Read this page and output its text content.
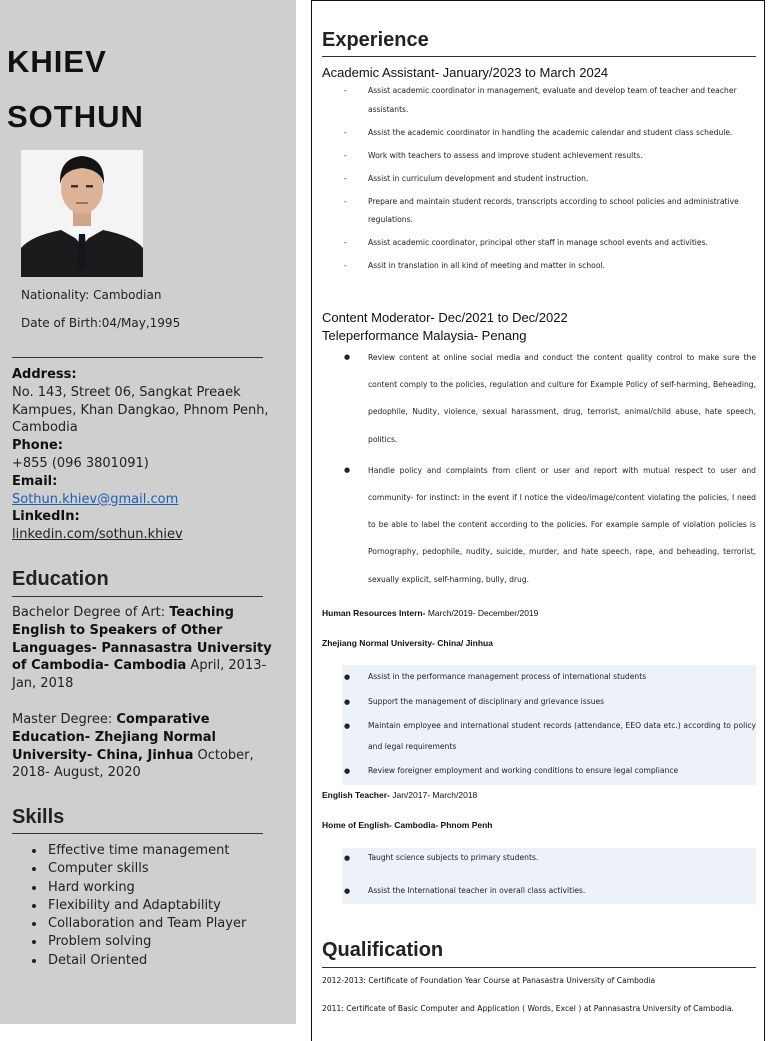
KHIEV
SOTHUN
Nationality: Cambodian
Date of Birth:04/May,1995
Address:
No. 143, Street 06, Sangkat Preaek Kampues, Khan Dangkao, Phnom Penh, Cambodia
Phone:
+855 (096 3801091)
Email:
Sothun.khiev@gmail.com
LinkedIn:
linkedin.com/sothun.khiev
Education
Bachelor Degree of Art: Teaching English to Speakers of Other Languages- Pannasastra University of Cambodia- Cambodia April, 2013- Jan, 2018
Master Degree: Comparative Education- Zhejiang Normal University- China, Jinhua October, 2018- August, 2020
Skills
• Effective time management
• Computer skills
• Hard working
• Flexibility and Adaptability
• Collaboration and Team Player
• Problem solving
• Detail Oriented
Experience
Academic Assistant- January/2023 to March 2024
- Assist academic coordinator in management, evaluate and develop team of teacher and teacher assistants.
- Assist the academic coordinator in handling the academic calendar and student class schedule.
- Work with teachers to assess and improve student achievement results.
- Assist in curriculum development and student instruction.
- Prepare and maintain student records, transcripts according to school policies and administrative regulations.
- Assist academic coordinator, principal other staff in manage school events and activities.
- Assit in translation in all kind of meeting and matter in school.
Content Moderator- Dec/2021 to Dec/2022
Teleperformance Malaysia- Penang
● Review content at online social media and conduct the content quality control to make sure the content comply to the policies, regulation and culture for Example Policy of self-harming, Beheading, pedophile, Nudity, violence, sexual harassment, drug, terrorist, animal/child abuse, hate speech, politics.
● Handle policy and complaints from client or user and report with mutual respect to user and community- for instinct: in the event if I notice the video/image/content violating the policies, I need to be able to label the content according to the policies. For example sample of violation policies is Pornography, pedophile, nudity, suicide, murder, and hate speech, rape, and beheading, terrorist, sexually explicit, self-harming, bully, drug.
Human Resources Intern- March/2019- December/2019
Zhejiang Normal University- China/ Jinhua
● Assist in the performance management process of international students
● Support the management of disciplinary and grievance issues
● Maintain employee and international student records (attendance, EEO data etc.) according to policy and legal requirements
● Review foreigner employment and working conditions to ensure legal compliance
English Teacher- Jan/2017- March/2018
Home of English- Cambodia- Phnom Penh
● Taught science subjects to primary students.
● Assist the International teacher in overall class activities.
Qualification
2012-2013: Certificate of Foundation Year Course at Panasastra University of Cambodia
2011: Certificate of Basic Computer and Application ( Words, Excel ) at Pannasastra University of Cambodia.
